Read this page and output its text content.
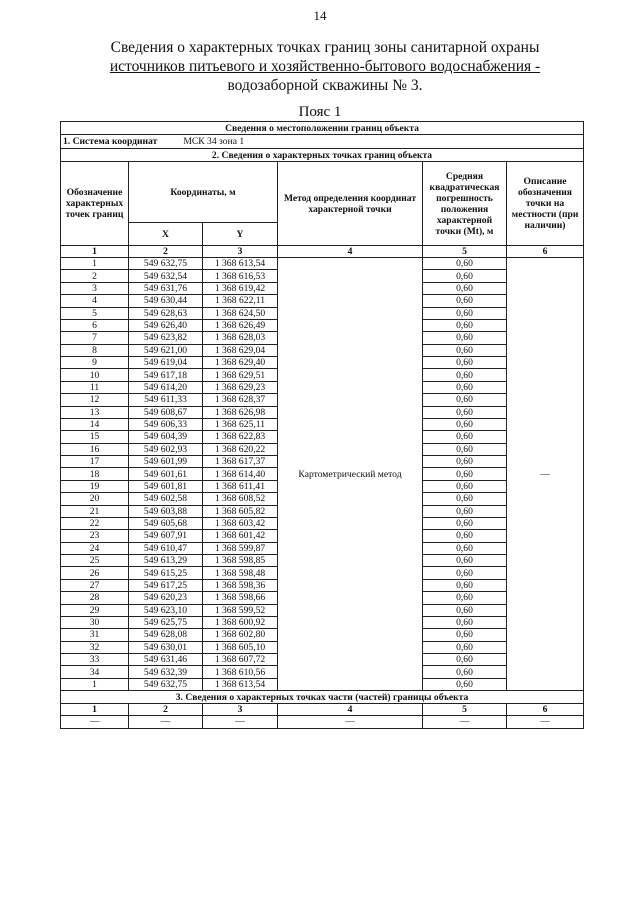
14
Сведения о характерных точках границ зоны санитарной охраны
источников питьевого и хозяйственно-бытового водоснабжения -
водозаборной скважины № 3.
Пояс 1
Сведения о местоположении границ объекта					
1. Система координат МСК 34 зона 1					
2. Сведения о характерных точках границ объекта					
Обозначение характерных точек границ	Координаты, м		Метод определения координат характерной точки	Средняя квадратическая погрешность положения характерной точки (Mt), м	Описание обозначения точки на местности (при наличии)
	X	Y			
1	2	3	4	5	6
1	549 632,75	1 368 613,54	Картометрический метод	0,60	—
2	549 632,54	1 368 616,53		0,60	
3	549 631,76	1 368 619,42		0,60	
4	549 630,44	1 368 622,11		0,60	
5	549 628,63	1 368 624,50		0,60	
6	549 626,40	1 368 626,49		0,60	
7	549 623,82	1 368 628,03		0,60	
8	549 621,00	1 368 629,04		0,60	
9	549 619,04	1 368 629,40		0,60	
10	549 617,18	1 368 629,51		0,60	
11	549 614,20	1 368 629,23		0,60	
12	549 611,33	1 368 628,37		0,60	
13	549 608,67	1 368 626,98		0,60	
14	549 606,33	1 368 625,11		0,60	
15	549 604,39	1 368 622,83		0,60	
16	549 602,93	1 368 620,22		0,60	
17	549 601,99	1 368 617,37		0,60	
18	549 601,61	1 368 614,40		0,60	
19	549 601,81	1 368 611,41		0,60	
20	549 602,58	1 368 608,52		0,60	
21	549 603,88	1 368 605,82		0,60	
22	549 605,68	1 368 603,42		0,60	
23	549 607,91	1 368 601,42		0,60	
24	549 610,47	1 368 599,87		0,60	
25	549 613,29	1 368 598,85		0,60	
26	549 615,25	1 368 598,48		0,60	
27	549 617,25	1 368 598,36		0,60	
28	549 620,23	1 368 598,66		0,60	
29	549 623,10	1 368 599,52		0,60	
30	549 625,75	1 368 600,92		0,60	
31	549 628,08	1 368 602,80		0,60	
32	549 630,01	1 368 605,10		0,60	
33	549 631,46	1 368 607,72		0,60	
34	549 632,39	1 368 610,56		0,60	
1	549 632,75	1 368 613,54		0,60	
3. Сведения о характерных точках части (частей) границы объекта					
1	2	3	4	5	6
—	—	—	—	—	—
